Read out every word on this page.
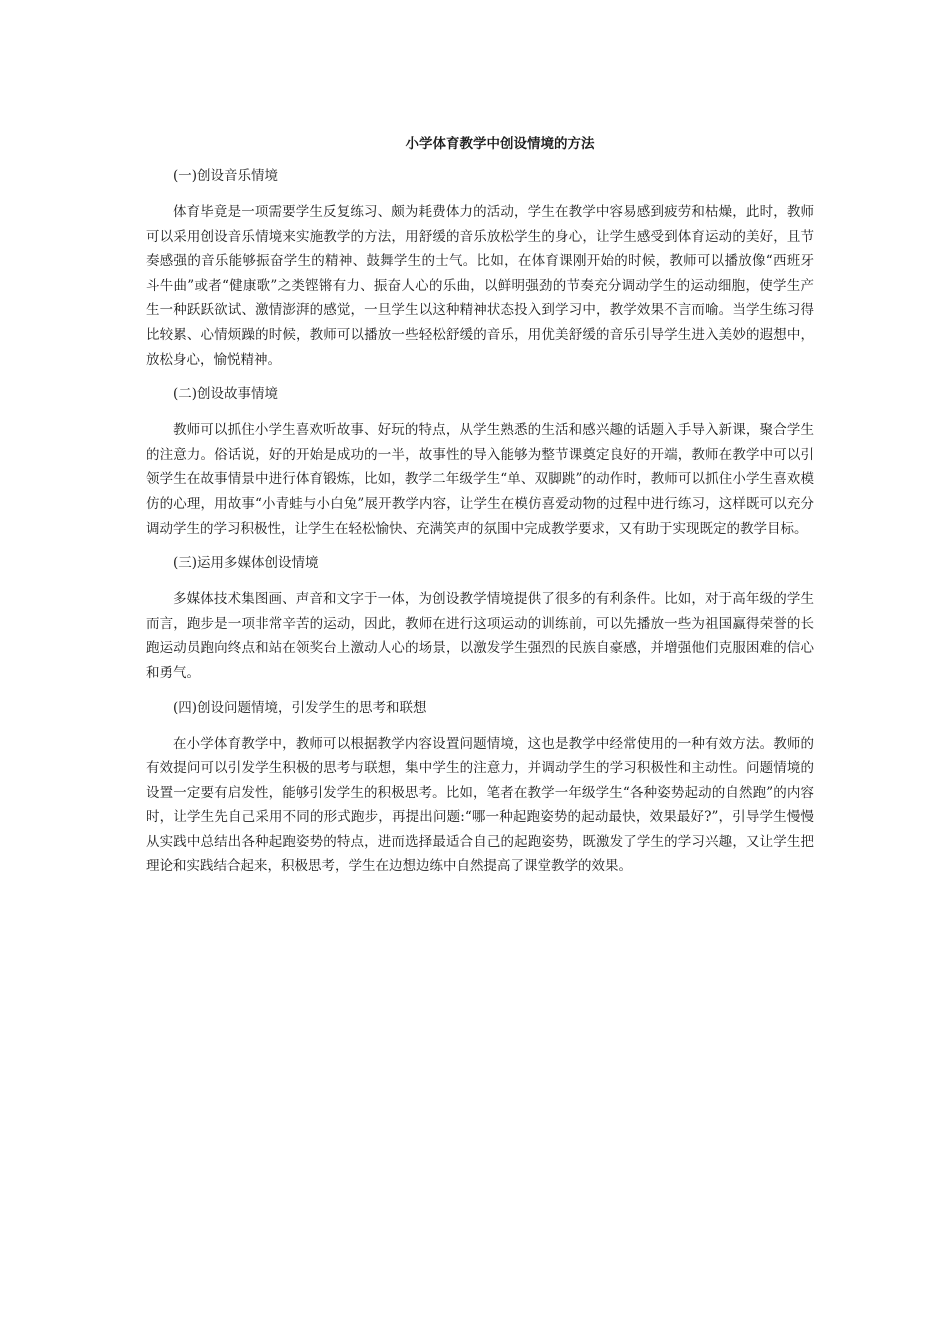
小学体育教学中创设情境的方法

(一)创设音乐情境

体育毕竟是一项需要学生反复练习、颇为耗费体力的活动，学生在教学中容易感到疲劳和枯燥，此时，教师可以采用创设音乐情境来实施教学的方法，用舒缓的音乐放松学生的身心，让学生感受到体育运动的美好，且节奏感强的音乐能够振奋学生的精神、鼓舞学生的士气。比如，在体育课刚开始的时候，教师可以播放像“西班牙斗牛曲”或者“健康歌”之类铿锵有力、振奋人心的乐曲，以鲜明强劲的节奏充分调动学生的运动细胞，使学生产生一种跃跃欲试、激情澎湃的感觉，一旦学生以这种精神状态投入到学习中，教学效果不言而喻。当学生练习得比较累、心情烦躁的时候，教师可以播放一些轻松舒缓的音乐，用优美舒缓的音乐引导学生进入美妙的遐想中，放松身心，愉悦精神。

(二)创设故事情境

教师可以抓住小学生喜欢听故事、好玩的特点，从学生熟悉的生活和感兴趣的话题入手导入新课，聚合学生的注意力。俗话说，好的开始是成功的一半，故事性的导入能够为整节课奠定良好的开端，教师在教学中可以引领学生在故事情景中进行体育锻炼，比如，教学二年级学生“单、双脚跳”的动作时，教师可以抓住小学生喜欢模仿的心理，用故事“小青蛙与小白兔”展开教学内容，让学生在模仿喜爱动物的过程中进行练习，这样既可以充分调动学生的学习积极性，让学生在轻松愉快、充满笑声的氛围中完成教学要求，又有助于实现既定的教学目标。

(三)运用多媒体创设情境

多媒体技术集图画、声音和文字于一体，为创设教学情境提供了很多的有利条件。比如，对于高年级的学生而言，跑步是一项非常辛苦的运动，因此，教师在进行这项运动的训练前，可以先播放一些为祖国赢得荣誉的长跑运动员跑向终点和站在领奖台上激动人心的场景，以激发学生强烈的民族自豪感，并增强他们克服困难的信心和勇气。

(四)创设问题情境，引发学生的思考和联想

在小学体育教学中，教师可以根据教学内容设置问题情境，这也是教学中经常使用的一种有效方法。教师的有效提问可以引发学生积极的思考与联想，集中学生的注意力，并调动学生的学习积极性和主动性。问题情境的设置一定要有启发性，能够引发学生的积极思考。比如，笔者在教学一年级学生“各种姿势起动的自然跑”的内容时，让学生先自己采用不同的形式跑步，再提出问题:“哪一种起跑姿势的起动最快，效果最好?”，引导学生慢慢从实践中总结出各种起跑姿势的特点，进而选择最适合自己的起跑姿势，既激发了学生的学习兴趣，又让学生把理论和实践结合起来，积极思考，学生在边想边练中自然提高了课堂教学的效果。
